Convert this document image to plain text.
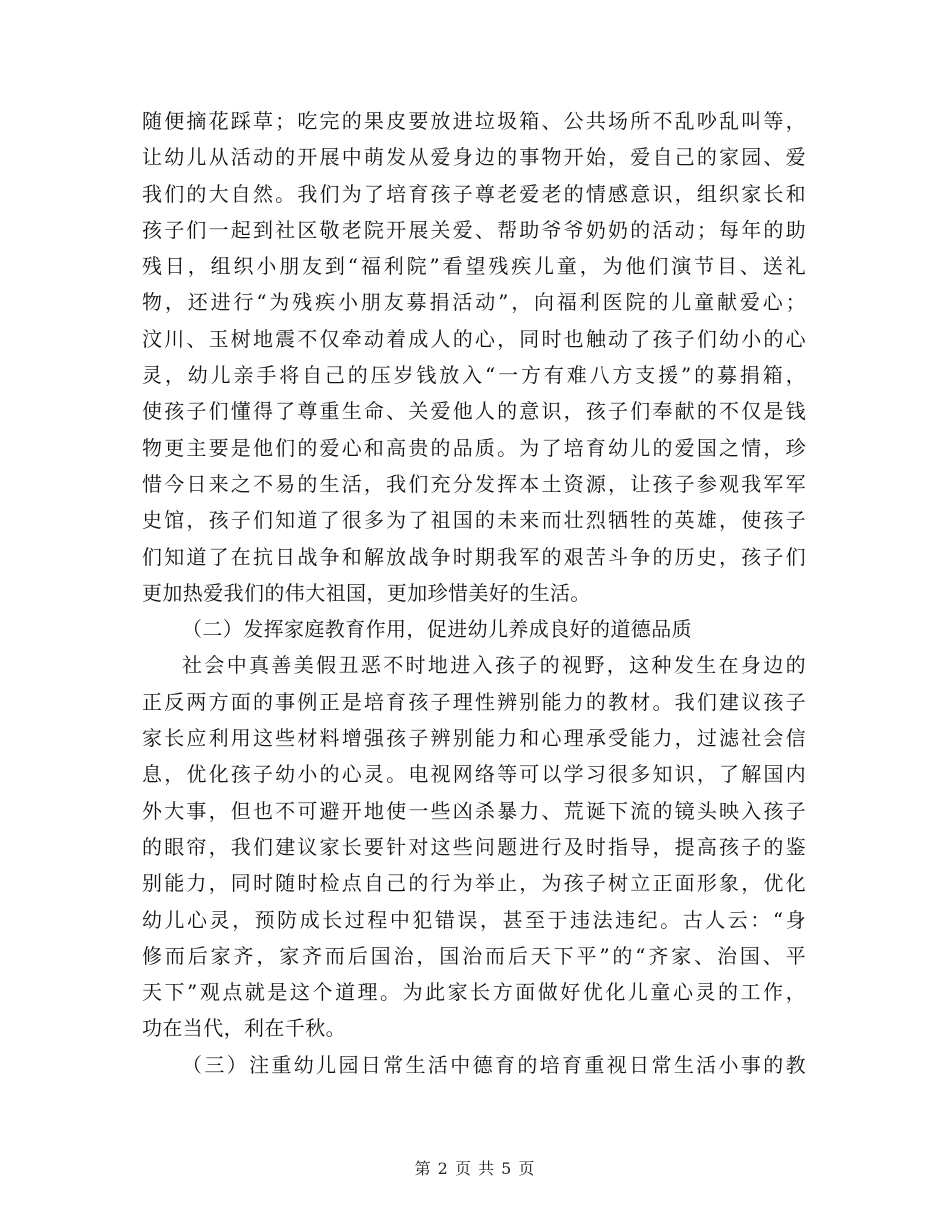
随便摘花踩草；吃完的果皮要放进垃圾箱、公共场所不乱吵乱叫等，
让幼儿从活动的开展中萌发从爱身边的事物开始，爱自己的家园、爱
我们的大自然。我们为了培育孩子尊老爱老的情感意识，组织家长和
孩子们一起到社区敬老院开展关爱、帮助爷爷奶奶的活动；每年的助
残日，组织小朋友到“福利院”看望残疾儿童，为他们演节目、送礼
物，还进行“为残疾小朋友募捐活动”，向福利医院的儿童献爱心；
汶川、玉树地震不仅牵动着成人的心，同时也触动了孩子们幼小的心
灵，幼儿亲手将自己的压岁钱放入“一方有难八方支援”的募捐箱，
使孩子们懂得了尊重生命、关爱他人的意识，孩子们奉献的不仅是钱
物更主要是他们的爱心和高贵的品质。为了培育幼儿的爱国之情，珍
惜今日来之不易的生活，我们充分发挥本土资源，让孩子参观我军军
史馆，孩子们知道了很多为了祖国的未来而壮烈牺牲的英雄，使孩子
们知道了在抗日战争和解放战争时期我军的艰苦斗争的历史，孩子们
更加热爱我们的伟大祖国，更加珍惜美好的生活。
（二）发挥家庭教育作用，促进幼儿养成良好的道德品质
社会中真善美假丑恶不时地进入孩子的视野，这种发生在身边的
正反两方面的事例正是培育孩子理性辨别能力的教材。我们建议孩子
家长应利用这些材料增强孩子辨别能力和心理承受能力，过滤社会信
息，优化孩子幼小的心灵。电视网络等可以学习很多知识，了解国内
外大事，但也不可避开地使一些凶杀暴力、荒诞下流的镜头映入孩子
的眼帘，我们建议家长要针对这些问题进行及时指导，提高孩子的鉴
别能力，同时随时检点自己的行为举止，为孩子树立正面形象，优化
幼儿心灵，预防成长过程中犯错误，甚至于违法违纪。古人云：“身
修而后家齐，家齐而后国治，国治而后天下平”的“齐家、治国、平
天下”观点就是这个道理。为此家长方面做好优化儿童心灵的工作，
功在当代，利在千秋。
（三）注重幼儿园日常生活中德育的培育重视日常生活小事的教
第 2 页 共 5 页
